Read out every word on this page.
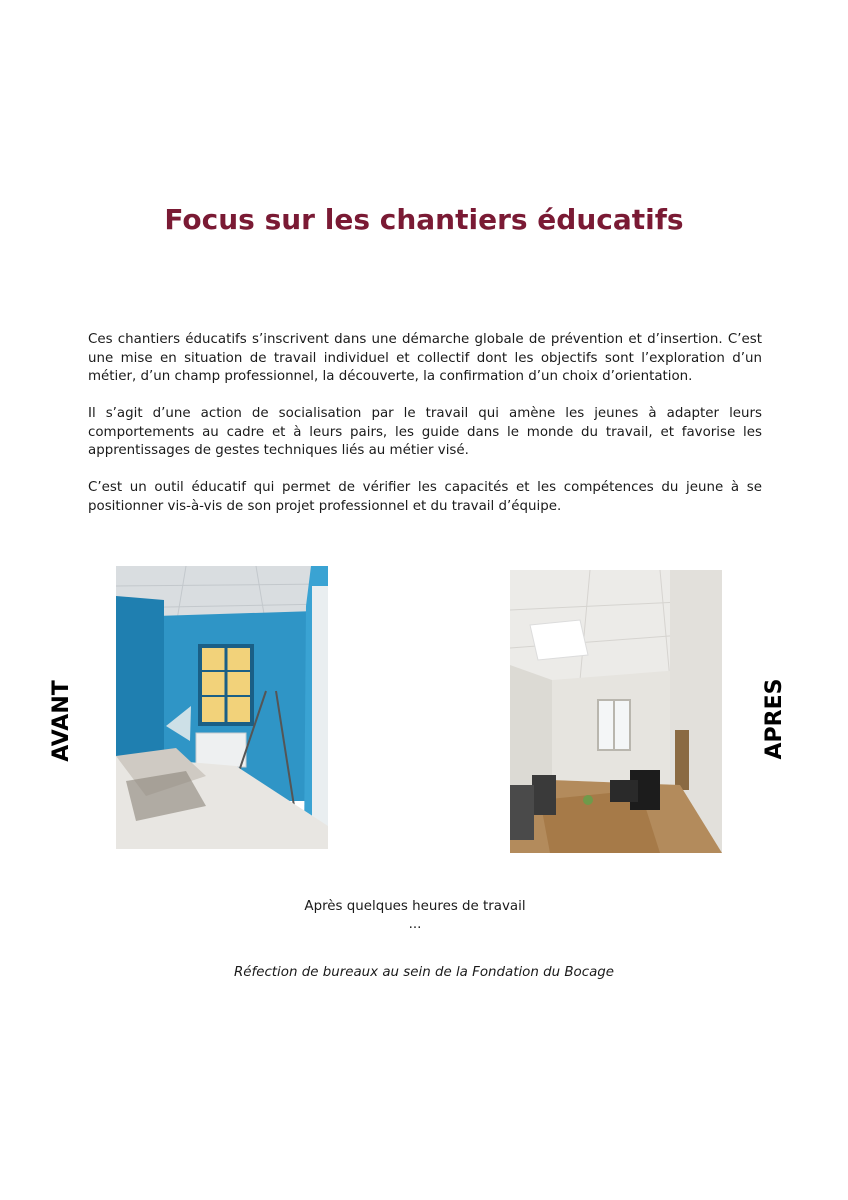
Focus sur les chantiers éducatifs

Ces chantiers éducatifs s’inscrivent dans une démarche globale de prévention et d’insertion. C’est une mise en situation de travail individuel et collectif dont les objectifs sont l’exploration d’un métier, d’un champ professionnel, la découverte, la confirmation d’un choix d’orientation.

Il s’agit d’une action de socialisation par le travail qui amène les jeunes à adapter leurs comportements au cadre et à leurs pairs, les guide dans le monde du travail, et favorise les apprentissages de gestes techniques liés au métier visé.

C’est un outil éducatif qui permet de vérifier les capacités et les compétences du jeune à se positionner vis-à-vis de son projet professionnel et du travail d’équipe.

AVANT	APRES
Après quelques heures de travail ...
Réfection de bureaux au sein de la Fondation du Bocage
